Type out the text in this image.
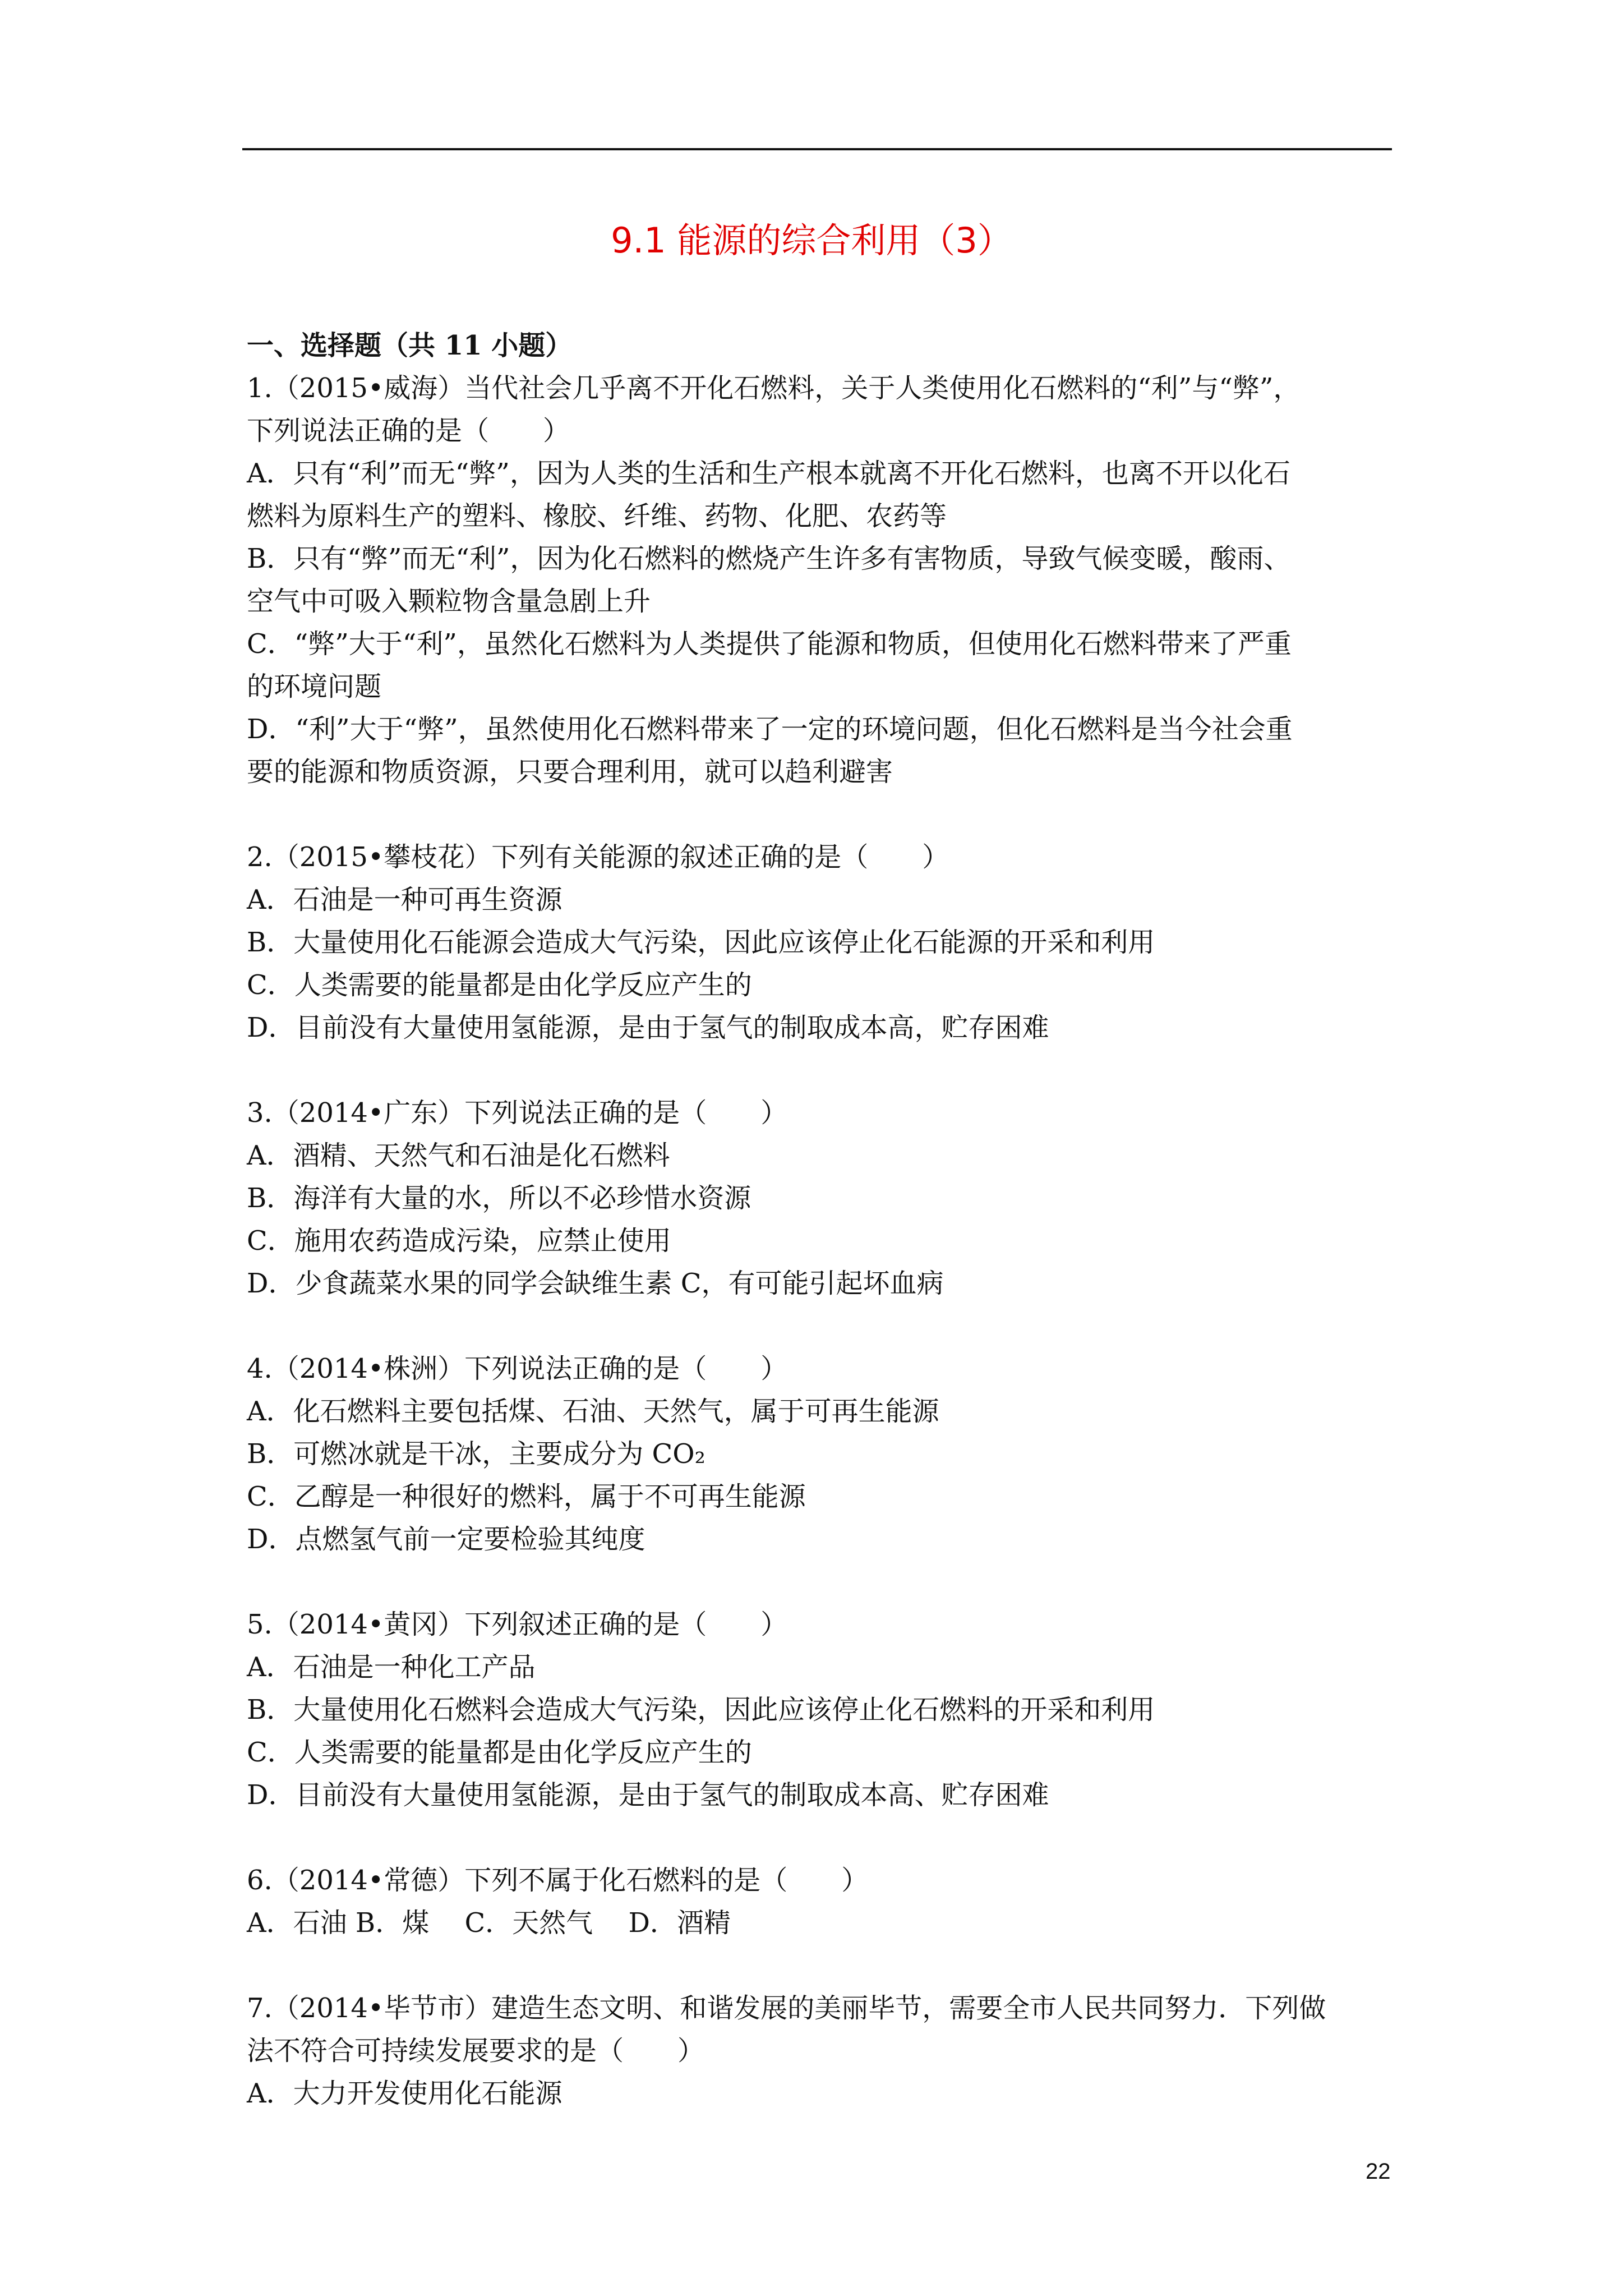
9.1 能源的综合利用（3）
一、选择题（共 11 小题）
1.（2015•威海）当代社会几乎离不开化石燃料，关于人类使用化石燃料的“利”与“弊”，
下列说法正确的是（　　）
A．只有“利”而无“弊”，因为人类的生活和生产根本就离不开化石燃料，也离不开以化石
燃料为原料生产的塑料、橡胶、纤维、药物、化肥、农药等
B．只有“弊”而无“利”，因为化石燃料的燃烧产生许多有害物质，导致气候变暖，酸雨、
空气中可吸入颗粒物含量急剧上升
C．“弊”大于“利”，虽然化石燃料为人类提供了能源和物质，但使用化石燃料带来了严重
的环境问题
D．“利”大于“弊”，虽然使用化石燃料带来了一定的环境问题，但化石燃料是当今社会重
要的能源和物质资源，只要合理利用，就可以趋利避害
2.（2015•攀枝花）下列有关能源的叙述正确的是（　　）
A．石油是一种可再生资源
B．大量使用化石能源会造成大气污染，因此应该停止化石能源的开采和利用
C．人类需要的能量都是由化学反应产生的
D．目前没有大量使用氢能源，是由于氢气的制取成本高，贮存困难
3.（2014•广东）下列说法正确的是（　　）
A．酒精、天然气和石油是化石燃料
B．海洋有大量的水，所以不必珍惜水资源
C．施用农药造成污染，应禁止使用
D．少食蔬菜水果的同学会缺维生素 C，有可能引起坏血病
4.（2014•株洲）下列说法正确的是（　　）
A．化石燃料主要包括煤、石油、天然气，属于可再生能源
B．可燃冰就是干冰，主要成分为 CO₂
C．乙醇是一种很好的燃料，属于不可再生能源
D．点燃氢气前一定要检验其纯度
5.（2014•黄冈）下列叙述正确的是（　　）
A．石油是一种化工产品
B．大量使用化石燃料会造成大气污染，因此应该停止化石燃料的开采和利用
C．人类需要的能量都是由化学反应产生的
D．目前没有大量使用氢能源，是由于氢气的制取成本高、贮存困难
6.（2014•常德）下列不属于化石燃料的是（　　）
A．石油 B．煤　 C．天然气　 D．酒精
7.（2014•毕节市）建造生态文明、和谐发展的美丽毕节，需要全市人民共同努力．下列做
法不符合可持续发展要求的是（　　）
A．大力开发使用化石能源
22
